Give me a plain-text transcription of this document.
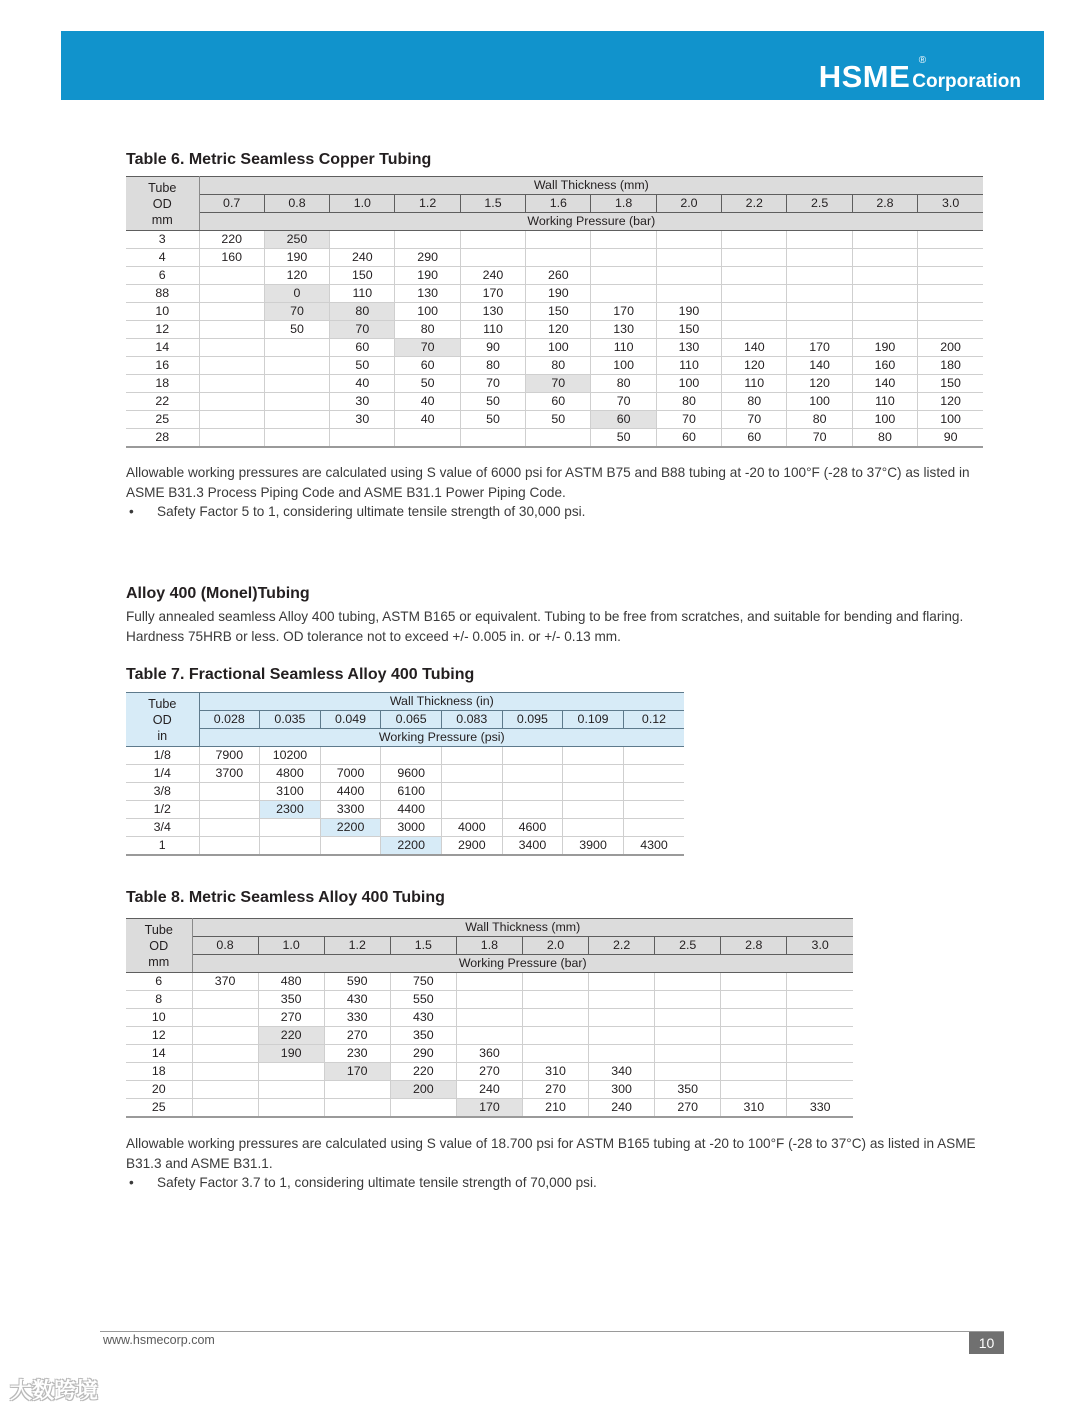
HSME ®
Corporation
Table 6. Metric Seamless Copper Tubing
Tube
OD
mm	Wall Thickness (mm)											
	0.7	0.8	1.0	1.2	1.5	1.6	1.8	2.0	2.2	2.5	2.8	3.0
	Working Pressure (bar)											
3	220	250										
4	160	190	240	290								
6		120	150	190	240	260						
88		0	110	130	170	190						
10		70	80	100	130	150	170	190				
12		50	70	80	110	120	130	150				
14			60	70	90	100	110	130	140	170	190	200
16			50	60	80	80	100	110	120	140	160	180
18			40	50	70	70	80	100	110	120	140	150
22			30	40	50	60	70	80	80	100	110	120
25			30	40	50	50	60	70	70	80	100	100
28							50	60	60	70	80	90
Allowable working pressures are calculated using S value of 6000 psi for ASTM B75 and B88 tubing at -20 to 100°F (-28 to 37°C) as listed in ASME B31.3 Process Piping Code and ASME B31.1 Power Piping Code.
• Safety Factor 5 to 1, considering ultimate tensile strength of 30,000 psi.
Alloy 400 (Monel)Tubing
Fully annealed seamless Alloy 400 tubing, ASTM B165 or equivalent. Tubing to be free from scratches, and suitable for bending and flaring. Hardness 75HRB or less. OD tolerance not to exceed +/- 0.005 in. or +/- 0.13 mm.
Table 7. Fractional Seamless Alloy 400 Tubing
Tube
OD
in	Wall Thickness (in)							
	0.028	0.035	0.049	0.065	0.083	0.095	0.109	0.12
	Working Pressure (psi)							
1/8	7900	10200						
1/4	3700	4800	7000	9600				
3/8		3100	4400	6100				
1/2		2300	3300	4400				
3/4			2200	3000	4000	4600		
1				2200	2900	3400	3900	4300
Table 8. Metric Seamless Alloy 400 Tubing
Tube
OD
mm	Wall Thickness (mm)									
	0.8	1.0	1.2	1.5	1.8	2.0	2.2	2.5	2.8	3.0
	Working Pressure (bar)									
6	370	480	590	750						
8		350	430	550						
10		270	330	430						
12		220	270	350						
14		190	230	290	360					
18			170	220	270	310	340			
20				200	240	270	300	350		
25					170	210	240	270	310	330
Allowable working pressures are calculated using S value of 18.700 psi for ASTM B165 tubing at -20 to 100°F (-28 to 37°C) as listed in ASME B31.3 and ASME B31.1.
• Safety Factor 3.7 to 1, considering ultimate tensile strength of 70,000 psi.
www.hsmecorp.com	10
大数跨境
